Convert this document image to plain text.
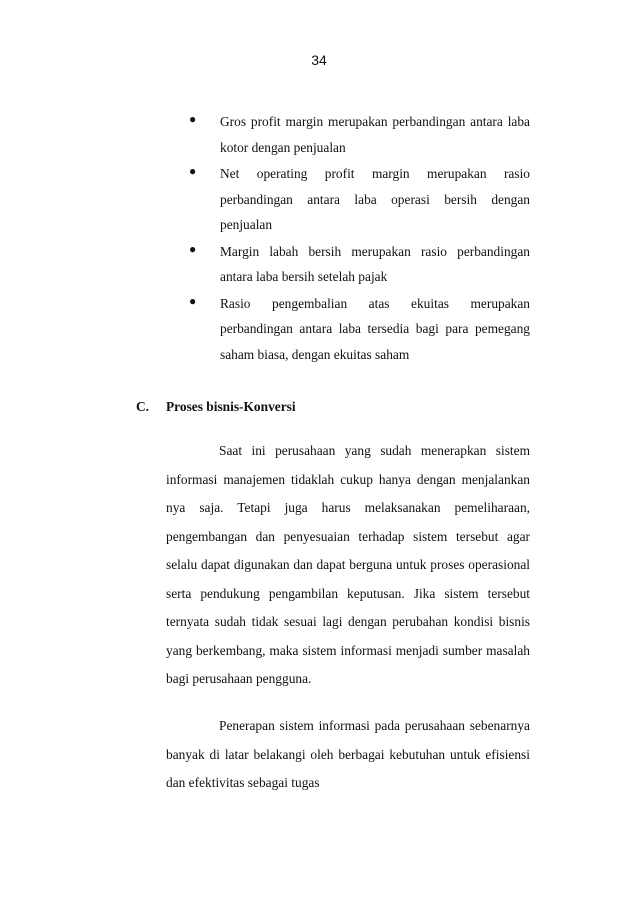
34
● Gros profit margin merupakan perbandingan antara laba kotor dengan penjualan
● Net operating profit margin merupakan rasio perbandingan antara laba operasi bersih dengan penjualan
● Margin labah bersih merupakan rasio perbandingan antara laba bersih setelah pajak
● Rasio pengembalian atas ekuitas merupakan perbandingan antara laba tersedia bagi para pemegang saham biasa, dengan ekuitas saham
C. Proses bisnis-Konversi

Saat ini perusahaan yang sudah menerapkan sistem informasi manajemen tidaklah cukup hanya dengan menjalankan nya saja. Tetapi juga harus melaksanakan pemeliharaan, pengembangan dan penyesuaian terhadap sistem tersebut agar selalu dapat digunakan dan dapat berguna untuk proses operasional serta pendukung pengambilan keputusan. Jika sistem tersebut ternyata sudah tidak sesuai lagi dengan perubahan kondisi bisnis yang berkembang, maka sistem informasi menjadi sumber masalah bagi perusahaan pengguna.

Penerapan sistem informasi pada perusahaan sebenarnya banyak di latar belakangi oleh berbagai kebutuhan untuk efisiensi dan efektivitas sebagai tugas
